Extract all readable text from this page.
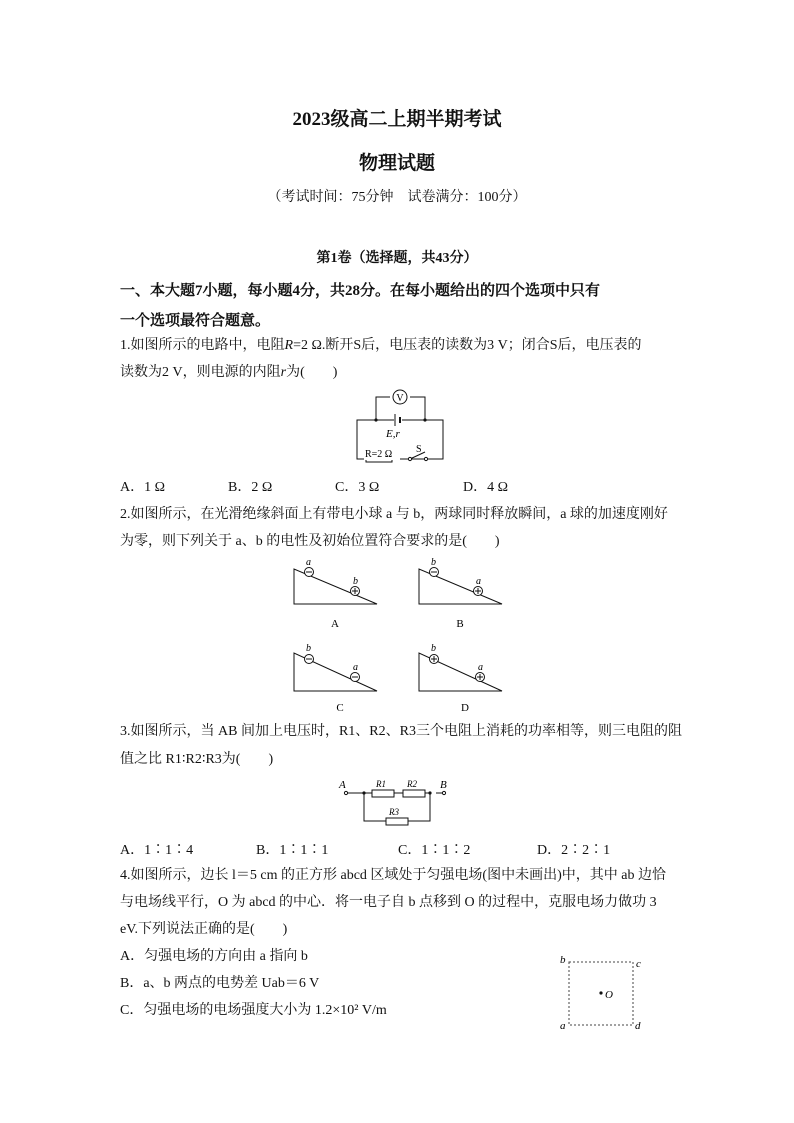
2023级高二上期半期考试
物理试题
（考试时间：75分钟　试卷满分：100分）
第1卷（选择题，共43分）
一、本大题7小题，每小题4分，共28分。在每小题给出的四个选项中只有
一个选项最符合题意。
1.如图所示的电路中，电阻R=2 Ω.断开S后，电压表的读数为3 V；闭合S后，电压表的
读数为2 V，则电源的内阻r为(　　)
V
E,r
R=2 Ω S
A．1 Ω	B．2 Ω	C．3 Ω	D．4 Ω
2.如图所示，在光滑绝缘斜面上有带电小球 a 与 b，两球同时释放瞬间，a 球的加速度刚好
为零，则下列关于 a、b 的电性及初始位置符合要求的是(　　)
a
b
A
b
a
B
b
a
C
b
a
D
3.如图所示，当 AB 间加上电压时，R1、R2、R3三个电阻上消耗的功率相等，则三电阻的阻
值之比 R1∶R2∶R3为(　　)
A	B
R1 R2
R3
A．1∶1∶4	B．1∶1∶1	C．1∶1∶2	D．2∶2∶1
4.如图所示，边长 l＝5 cm 的正方形 abcd 区域处于匀强电场(图中未画出)中，其中 ab 边恰
与电场线平行，O 为 abcd 的中心．将一电子自 b 点移到 O 的过程中，克服电场力做功 3
eV.下列说法正确的是(　　)
A．匀强电场的方向由 a 指向 b
B．a、b 两点的电势差 Uab＝6 V
C．匀强电场的电场强度大小为 1.2×10² V/m
b	c
a	d
O
